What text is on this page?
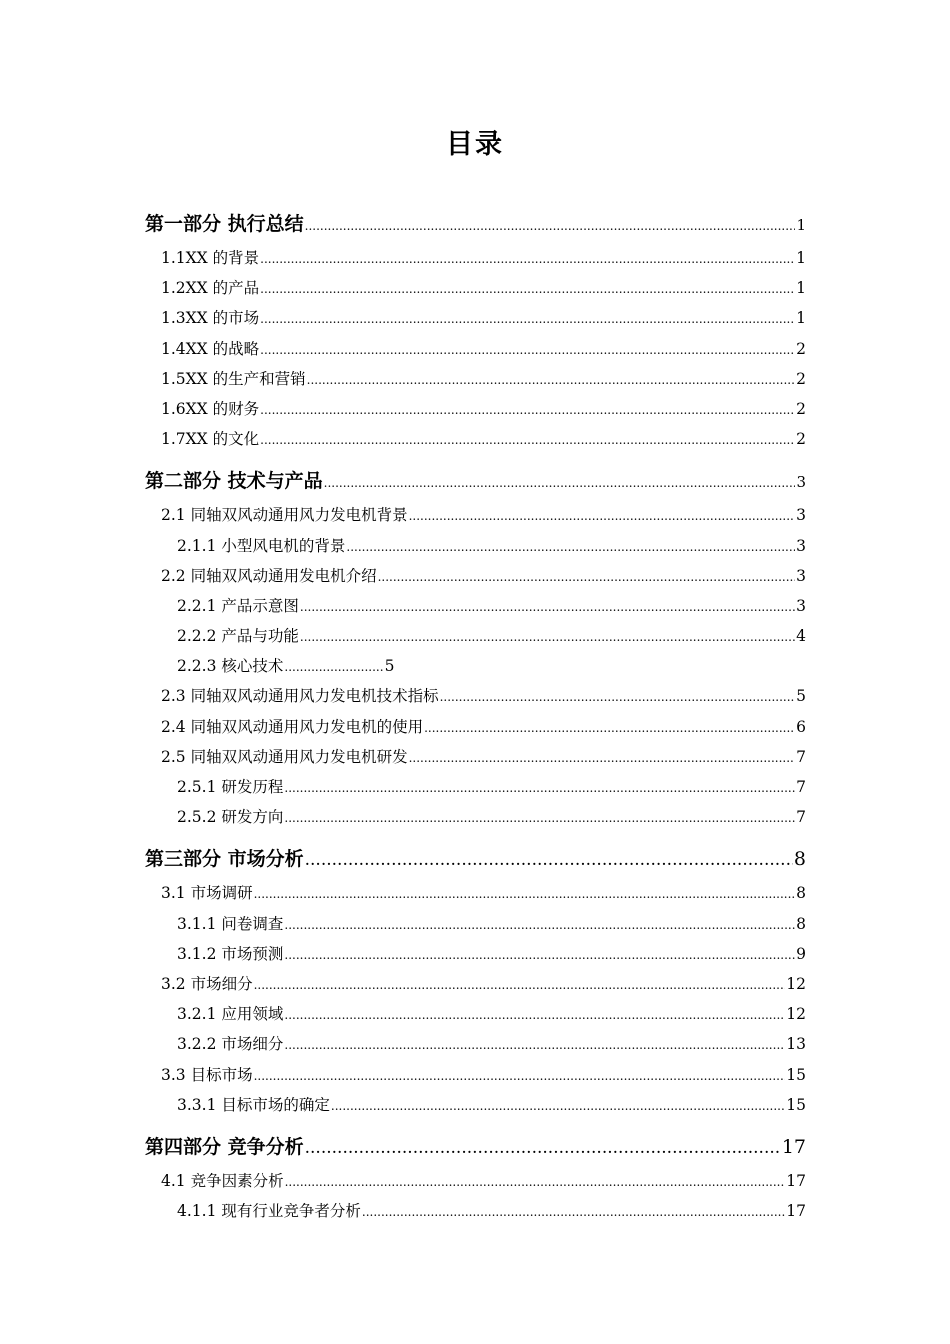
目录
第一部分 执行总结 .....	1
1.1XX 的背景 .....	1
1.2XX 的产品 .....	1
1.3XX 的市场 .....	1
1.4XX 的战略 .....	2
1.5XX 的生产和营销 .....	2
1.6XX 的财务 .....	2
1.7XX 的文化 .....	2
第二部分 技术与产品 .....	3
2.1 同轴双风动通用风力发电机背景 .....	3
2.1.1 小型风电机的背景 .....	3
2.2 同轴双风动通用发电机介绍 .....	3
2.2.1 产品示意图 .....	3
2.2.2 产品与功能 .....	4
2.2.3 核心技术 .....	5
2.3 同轴双风动通用风力发电机技术指标 .....	5
2.4 同轴双风动通用风力发电机的使用 .....	6
2.5 同轴双风动通用风力发电机研发 .....	7
2.5.1 研发历程 .....	7
2.5.2 研发方向 .....	7
第三部分 市场分析 .....	8
3.1 市场调研 .....	8
3.1.1 问卷调查 .....	8
3.1.2 市场预测 .....	9
3.2 市场细分 .....	12
3.2.1 应用领域 .....	12
3.2.2 市场细分 .....	13
3.3 目标市场 .....	15
3.3.1 目标市场的确定 .....	15
第四部分 竞争分析 .....	17
4.1 竞争因素分析 .....	17
4.1.1 现有行业竞争者分析 .....	17
